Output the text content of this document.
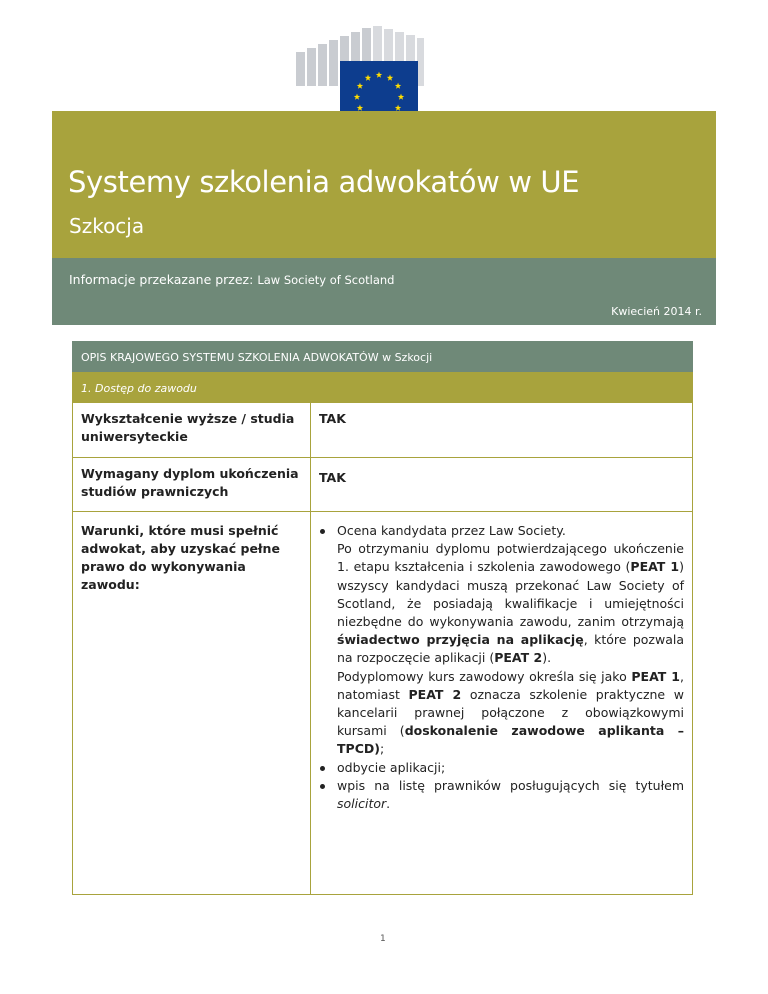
Systemy szkolenia adwokatów w UE
Szkocja
Informacje przekazane przez: Law Society of Scotland
Kwiecień 2014 r.
OPIS KRAJOWEGO SYSTEMU SZKOLENIA ADWOKATÓW w Szkocji
1. Dostęp do zawodu
Wykształcenie wyższe / studia uniwersyteckie
TAK
Wymagany dyplom ukończenia studiów prawniczych
TAK
Warunki, które musi spełnić adwokat, aby uzyskać pełne prawo do wykonywania zawodu:
Ocena kandydata przez Law Society.
Po otrzymaniu dyplomu potwierdzającego ukończenie 1. etapu kształcenia i szkolenia zawodowego (PEAT 1) wszyscy kandydaci muszą przekonać Law Society of Scotland, że posiadają kwalifikacje i umiejętności niezbędne do wykonywania zawodu, zanim otrzymają świadectwo przyjęcia na aplikację, które pozwala na rozpoczęcie aplikacji (PEAT 2).
Podyplomowy kurs zawodowy określa się jako PEAT 1, natomiast PEAT 2 oznacza szkolenie praktyczne w kancelarii prawnej połączone z obowiązkowymi kursami (doskonalenie zawodowe aplikanta – TPCD);
odbycie aplikacji;
wpis na listę prawników posługujących się tytułem solicitor.
1
